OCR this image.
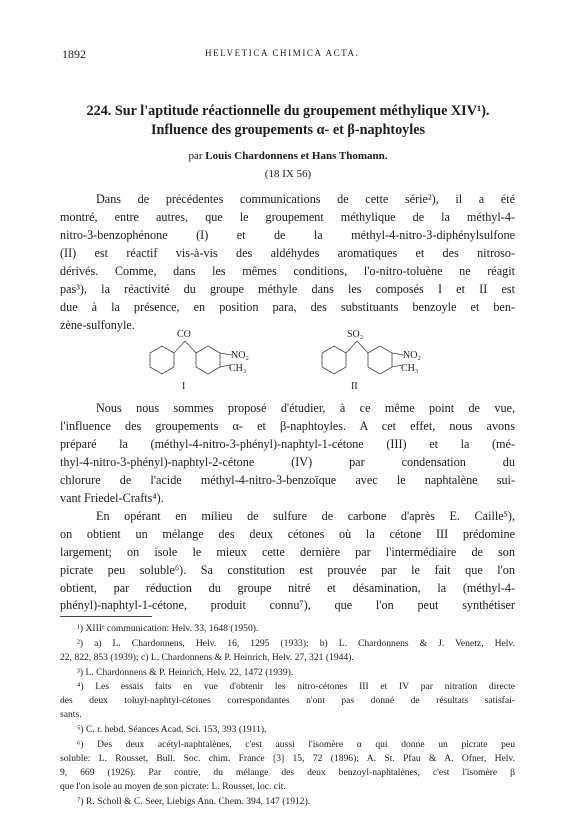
1892	HELVETICA CHIMICA ACTA.
224. Sur l'aptitude réactionnelle du groupement méthylique XIV¹).
Influence des groupements α- et β-naphtoyles
par Louis Chardonnens et Hans Thomann.
(18 IX 56)
Dans de précédentes communications de cette série²), il a été
montré, entre autres, que le groupement méthylique de la méthyl-4-
nitro-3-benzophénone (I) et de la méthyl-4-nitro-3-diphénylsulfone
(II) est réactif vis-à-vis des aldéhydes aromatiques et des nitroso-
dérivés. Comme, dans les mêmes conditions, l'o-nitro-toluène ne réagit
pas³), la réactivité du groupe méthyle dans les composés I et II est
due à la présence, en position para, des substituants benzoyle et ben-
zène-sulfonyle.
CO
NO₂
CH₃
I
SO₂
NO₂
CH₃
II
Nous nous sommes proposé d'étudier, à ce même point de vue,
l'influence des groupements α- et β-naphtoyles. A cet effet, nous avons
préparé la (méthyl-4-nitro-3-phényl)-naphtyl-1-cétone (III) et la (mé-
thyl-4-nitro-3-phényl)-naphtyl-2-cétone (IV) par condensation du
chlorure de l'acide méthyl-4-nitro-3-benzoïque avec le naphtalène sui-
vant Friedel-Crafts⁴).
En opérant en milieu de sulfure de carbone d'après E. Caille⁵),
on obtient un mélange des deux cétones où la cétone III prédomine
largement; on isole le mieux cette dernière par l'intermédiaire de son
picrate peu soluble⁶). Sa constitution est prouvée par le fait que l'on
obtient, par réduction du groupe nitré et désamination, la (méthyl-4-
phényl)-naphtyl-1-cétone, produit connu⁷), que l'on peut synthétiser
¹) XIIIᵉ communication: Helv. 33, 1648 (1950).
²) a) L. Chardonnens, Helv. 16, 1295 (1933); b) L. Chardonnens & J. Venetz, Helv.
22, 822, 853 (1939); c) L. Chardonnens & P. Heinrich, Helv. 27, 321 (1944).
³) L. Chardonnens & P. Heinrich, Helv. 22, 1472 (1939).
⁴) Les essais faits en vue d'obtenir les nitro-cétones III et IV par nitration directe
des deux toluyl-naphtyl-cétones correspondantes n'ont pas donné de résultats satisfai-
sants.
⁵) C. r. hebd. Séances Acad. Sci. 153, 393 (1911).
⁶) Des deux acétyl-naphtalènes, c'est aussi l'isomère α qui donne un picrate peu
soluble: L. Rousset, Bull. Soc. chim. France [3] 15, 72 (1896); A. St. Pfau & A. Ofner, Helv.
9, 669 (1926). Par contre, du mélange des deux benzoyl-naphtalènes, c'est l'isomère β
que l'on isole au moyen de son picrate: L. Rousset, loc. cit.
⁷) R. Scholl & C. Seer, Liebigs Ann. Chem. 394, 147 (1912).
